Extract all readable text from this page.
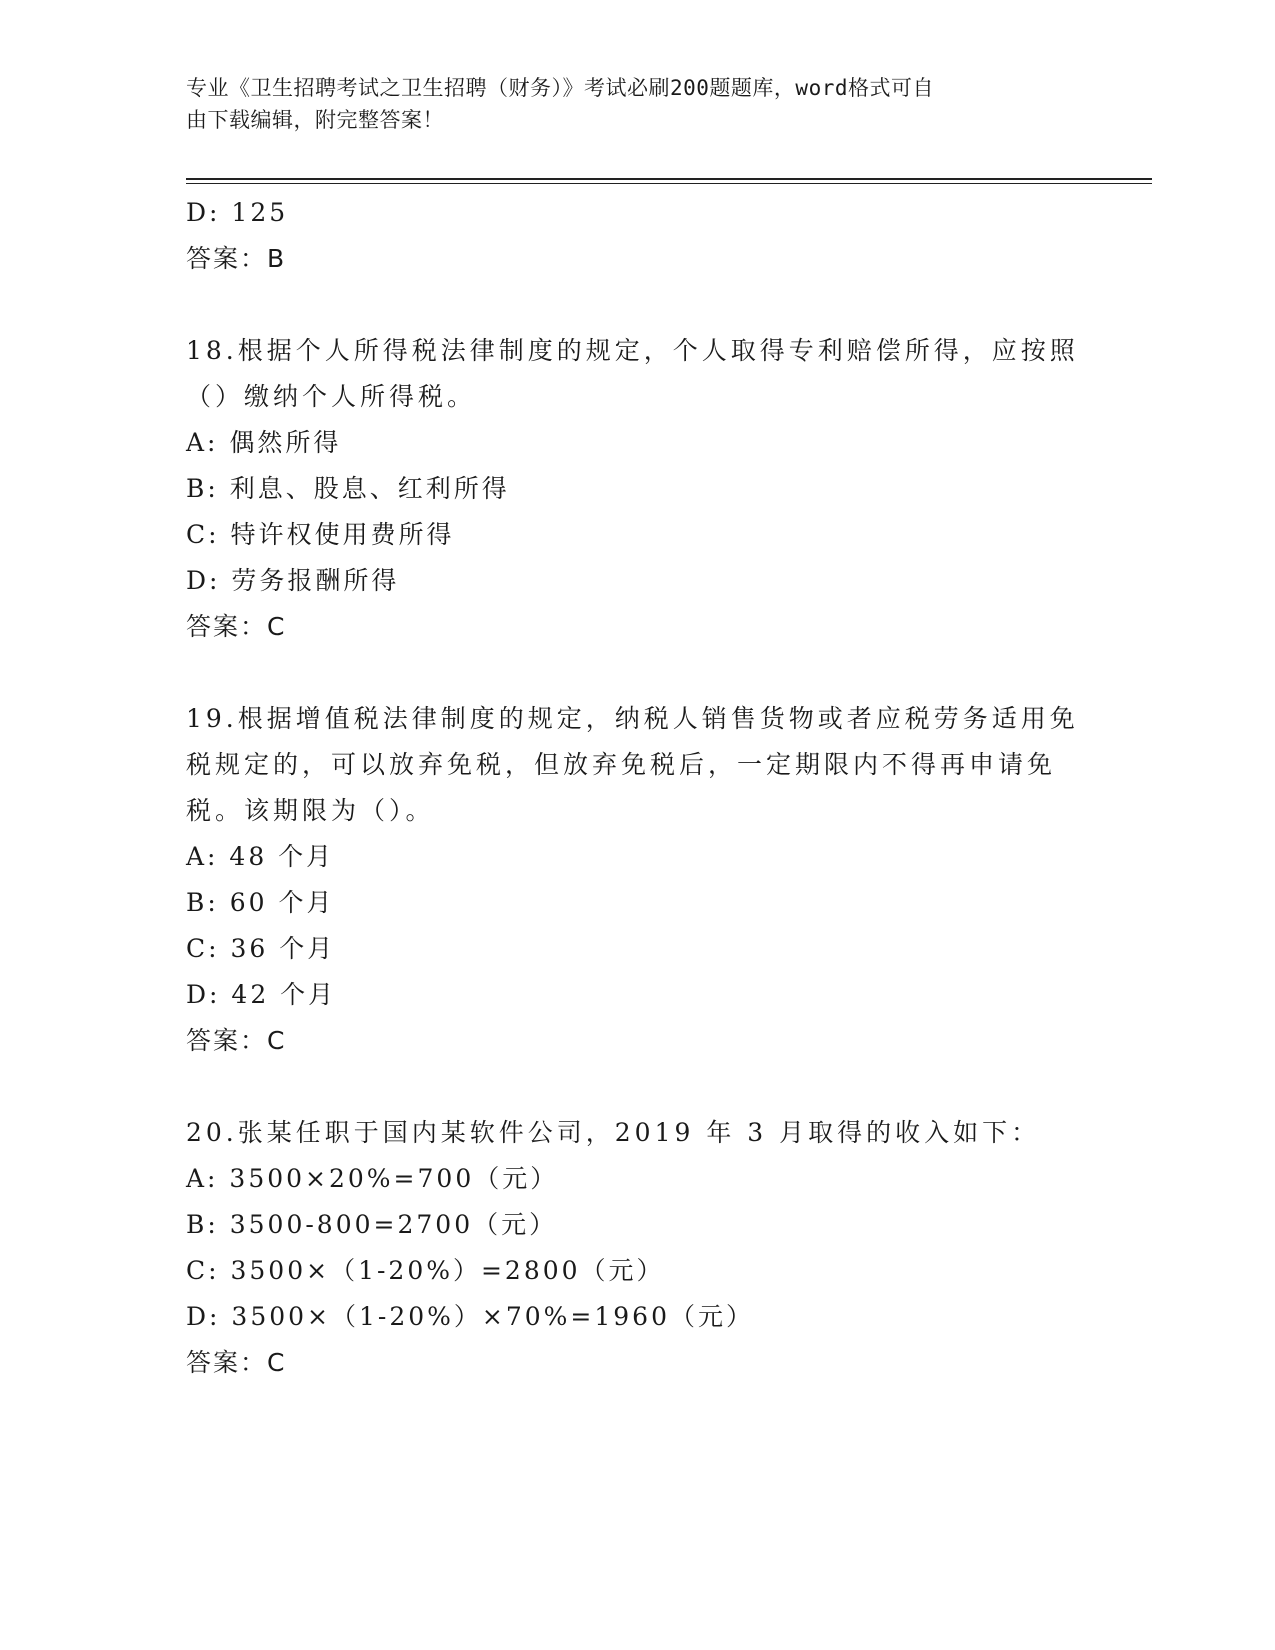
专业《卫生招聘考试之卫生招聘（财务）》考试必刷200题题库，word格式可自
由下载编辑，附完整答案！
D: 125
答案：B
18.根据个人所得税法律制度的规定，个人取得专利赔偿所得，应按照
（）缴纳个人所得税。
A: 偶然所得
B: 利息、股息、红利所得
C: 特许权使用费所得
D: 劳务报酬所得
答案：C
19.根据增值税法律制度的规定，纳税人销售货物或者应税劳务适用免
税规定的，可以放弃免税，但放弃免税后，一定期限内不得再申请免
税。该期限为（）。
A: 48 个月
B: 60 个月
C: 36 个月
D: 42 个月
答案：C
20.张某任职于国内某软件公司，2019 年 3 月取得的收入如下：
A: 3500×20%=700（元）
B: 3500-800=2700（元）
C: 3500×（1-20%）=2800（元）
D: 3500×（1-20%）×70%=1960（元）
答案：C
